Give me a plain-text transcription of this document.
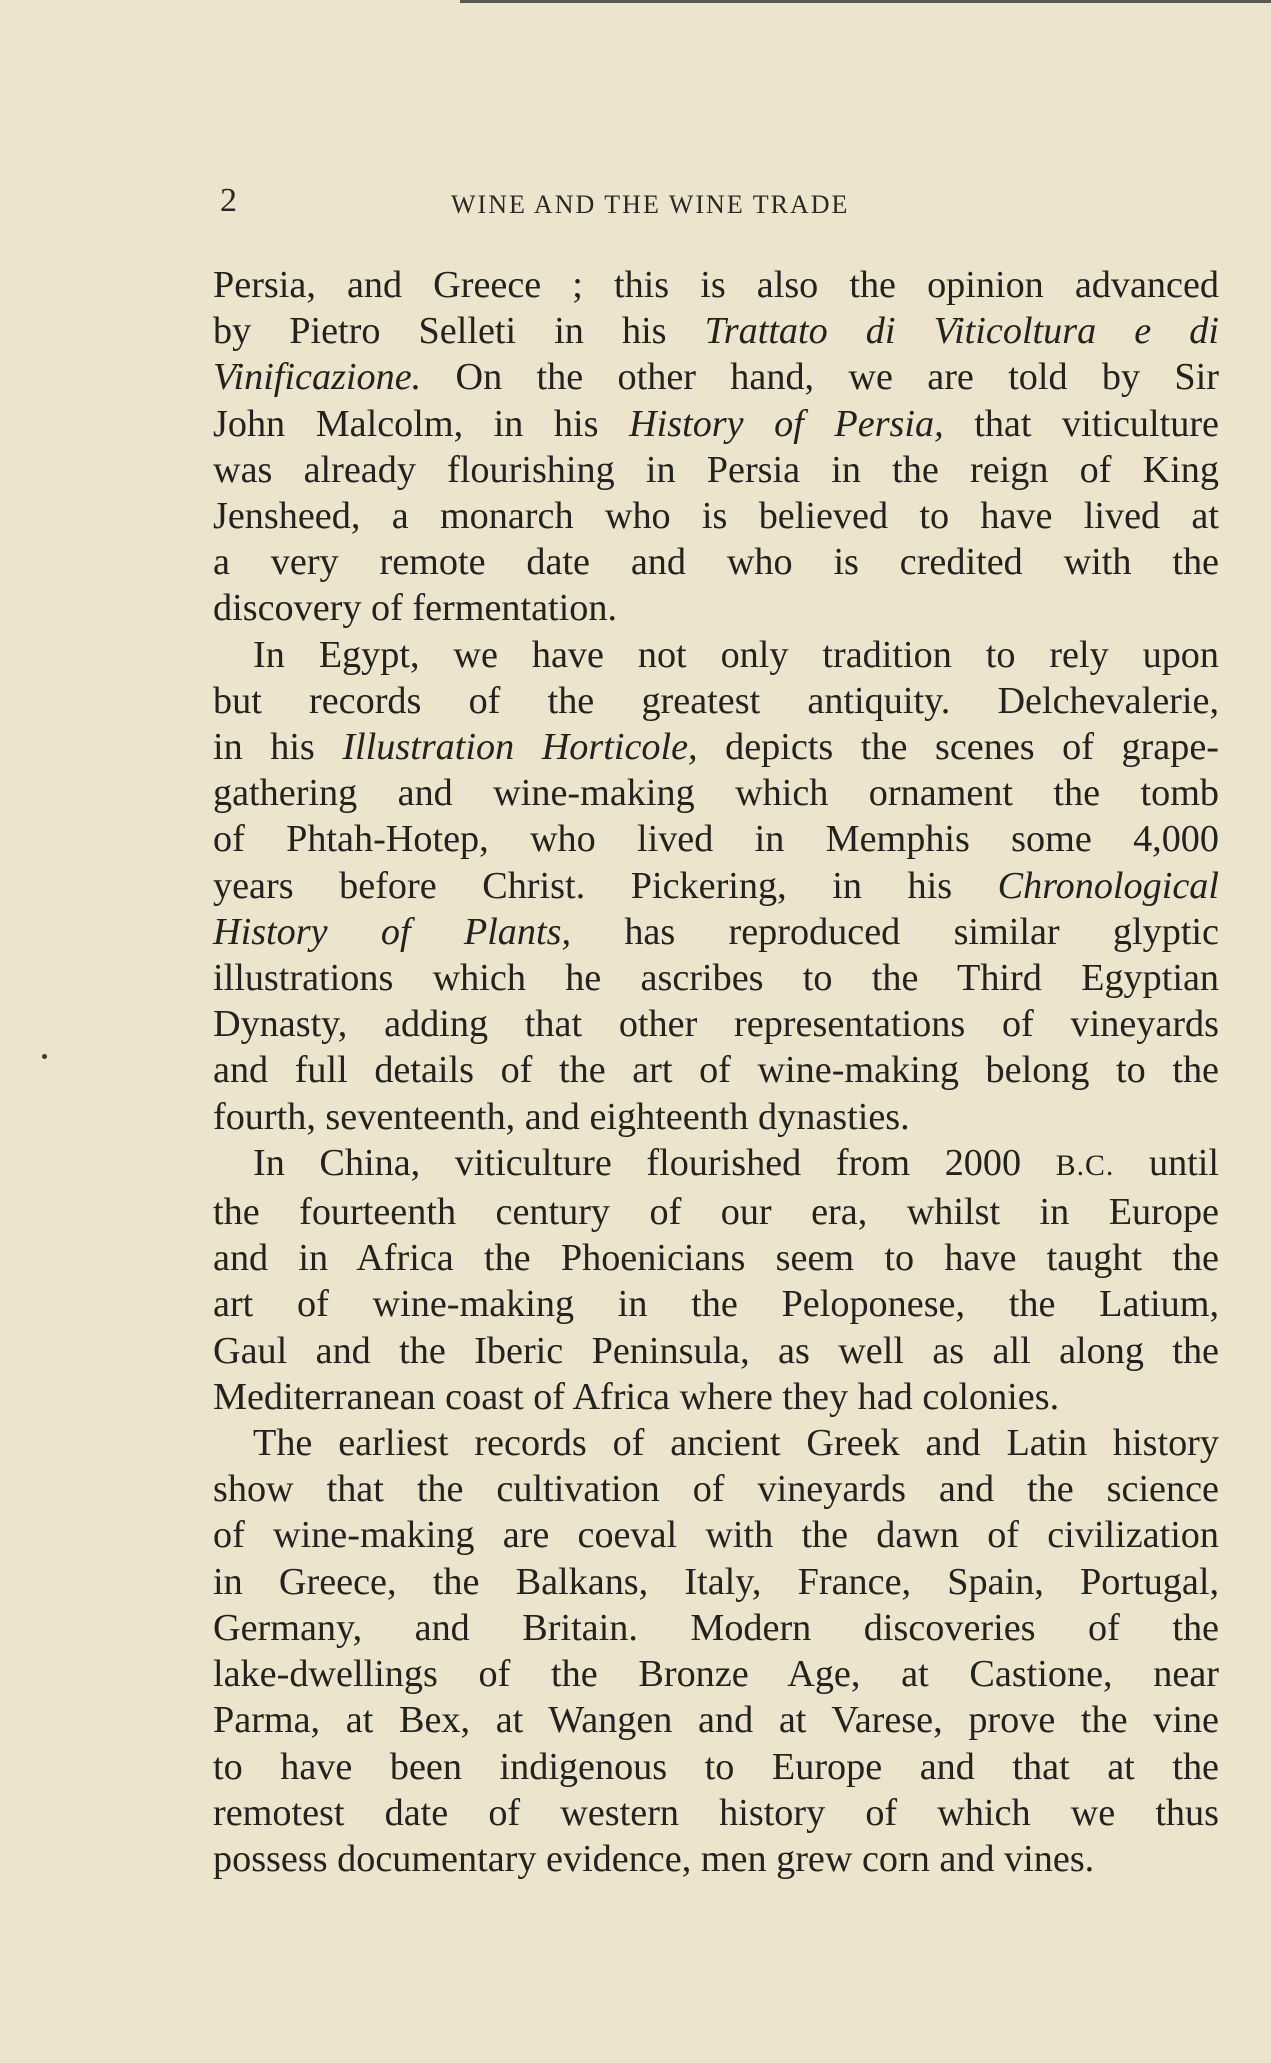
2	WINE AND THE WINE TRADE
Persia, and Greece ; this is also the opinion advanced
by Pietro Selleti in his Trattato di Viticoltura e di
Vinificazione. On the other hand, we are told by Sir
John Malcolm, in his History of Persia, that viticulture
was already flourishing in Persia in the reign of King
Jensheed, a monarch who is believed to have lived at
a very remote date and who is credited with the
discovery of fermentation.
In Egypt, we have not only tradition to rely upon
but records of the greatest antiquity. Delchevalerie,
in his Illustration Horticole, depicts the scenes of grape-
gathering and wine-making which ornament the tomb
of Phtah-Hotep, who lived in Memphis some 4,000
years before Christ. Pickering, in his Chronological
History of Plants, has reproduced similar glyptic
illustrations which he ascribes to the Third Egyptian
Dynasty, adding that other representations of vineyards
and full details of the art of wine-making belong to the
fourth, seventeenth, and eighteenth dynasties.
In China, viticulture flourished from 2000 B.C. until
the fourteenth century of our era, whilst in Europe
and in Africa the Phoenicians seem to have taught the
art of wine-making in the Peloponese, the Latium,
Gaul and the Iberic Peninsula, as well as all along the
Mediterranean coast of Africa where they had colonies.
The earliest records of ancient Greek and Latin history
show that the cultivation of vineyards and the science
of wine-making are coeval with the dawn of civilization
in Greece, the Balkans, Italy, France, Spain, Portugal,
Germany, and Britain. Modern discoveries of the
lake-dwellings of the Bronze Age, at Castione, near
Parma, at Bex, at Wangen and at Varese, prove the vine
to have been indigenous to Europe and that at the
remotest date of western history of which we thus
possess documentary evidence, men grew corn and vines.
